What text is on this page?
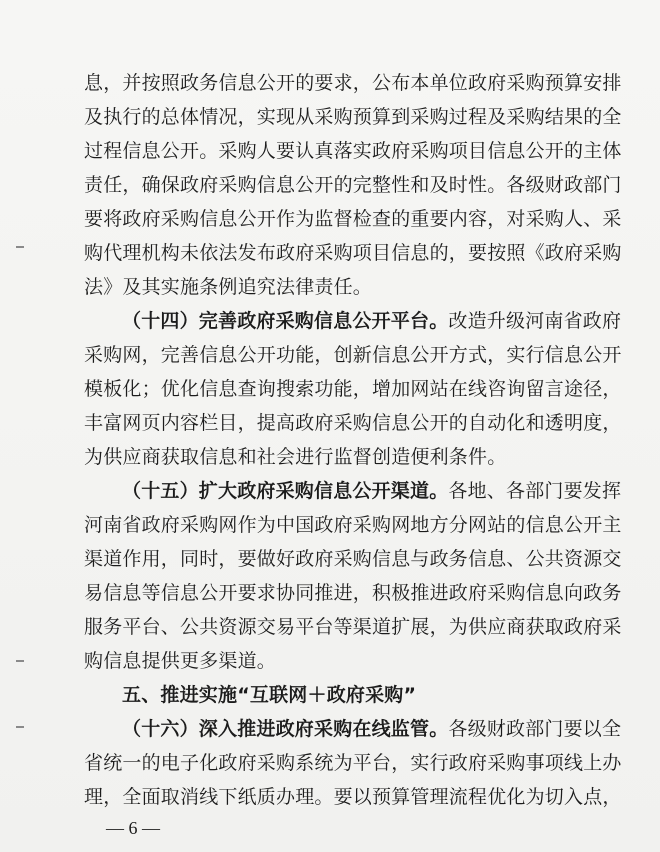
息，并按照政务信息公开的要求，公布本单位政府采购预算安排
及执行的总体情况，实现从采购预算到采购过程及采购结果的全
过程信息公开。采购人要认真落实政府采购项目信息公开的主体
责任，确保政府采购信息公开的完整性和及时性。各级财政部门
要将政府采购信息公开作为监督检查的重要内容，对采购人、采
购代理机构未依法发布政府采购项目信息的，要按照《政府采购
法》及其实施条例追究法律责任。
（十四）完善政府采购信息公开平台。改造升级河南省政府
采购网，完善信息公开功能，创新信息公开方式，实行信息公开
模板化；优化信息查询搜索功能，增加网站在线咨询留言途径，
丰富网页内容栏目，提高政府采购信息公开的自动化和透明度，
为供应商获取信息和社会进行监督创造便利条件。
（十五）扩大政府采购信息公开渠道。各地、各部门要发挥
河南省政府采购网作为中国政府采购网地方分网站的信息公开主
渠道作用，同时，要做好政府采购信息与政务信息、公共资源交
易信息等信息公开要求协同推进，积极推进政府采购信息向政务
服务平台、公共资源交易平台等渠道扩展，为供应商获取政府采
购信息提供更多渠道。
五、推进实施“互联网＋政府采购”
（十六）深入推进政府采购在线监管。各级财政部门要以全
省统一的电子化政府采购系统为平台，实行政府采购事项线上办
理，全面取消线下纸质办理。要以预算管理流程优化为切入点，
— 6 —
